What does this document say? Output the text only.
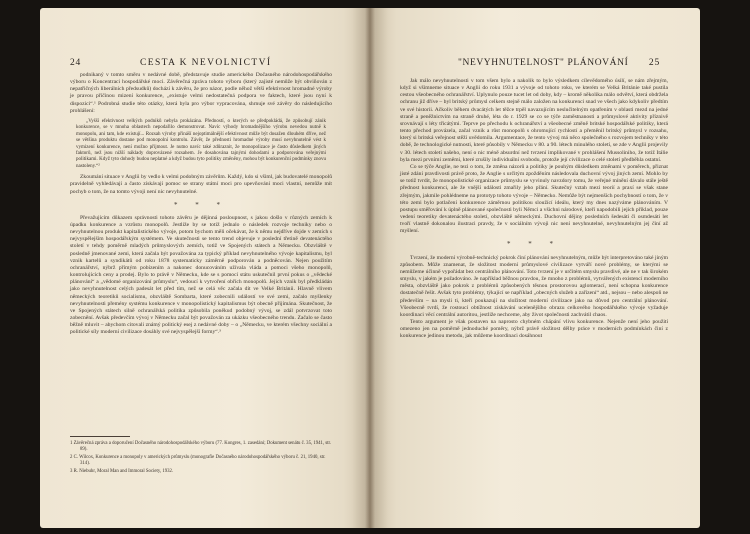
24	CESTA K NEVOLNICTVÍ

podnikaný v tomto směru v nedávné době, představuje studie amerického Dočasného národohospodářského výboru o Koncentraci hospodářské moci. Závěrečná zpráva tohoto výboru (který zajisté nemůže být obviňován z nepatřičných liberálních předsudků) dochází k závěru, že pro názor, podle něhož větší efektivnost hromadné výroby je pravou příčinou mizení konkurence, „existuje velmi nedostatečná podpora ve faktech, které jsou nyní k dispozici“.¹ Podrobná studie této otázky, která byla pro výbor vypracována, shrnuje své závěry do následujícího prohlášení:

„Vyšší efektivnost velkých podniků nebyla prokázána. Předností, o kterých se předpokládá, že způsobují zánik konkurence, se v mnoha oblastech nepodařilo demonstrovat. Navíc výhody hromadnějšího výrobu nevedou nutně k monopolu, ani tam, kde existují... Rozsah výroby přináší nejoptimálnější efektivnost může být dosažen dlouhém dříve, než se většina produktu dostane pod monopolní kontrolu. Závěr, že přednosti hromadné výroby musí nevyhnutelně vést k vymizení konkurence, není možno přijmout. Je nutno navíc také zdůraznit, že monopolizace je často důsledkem jiných faktorů, než jsou nižší náklady doprovázené rozsahem. Je dosahována tajnými dohodami a podporována veřejnými politikami. Když tyto dohody budou neplatné a když budou tyto politiky změněny, mohou být konkurenční podmínky znovu nastoleny.“²

Zkoumání situace v Anglii by vedlo k velmi podobným závěrům. Každý, kdo si všiml, jak budovatelé monopolů pravidelně vyhledávají a často získávají pomoc se strany státní moci pro upevňování moci vlastní, nemůže mít pochyb o tom, že na tomto vývoji není nic nevyhnutelné.

* * *

Převažujícím důkazem správnosti tohoto závěru je dějinná posloupnost, s jakou došlo v různých zemích k úpadku konkurence a vzrůstu monopolů. Jestliže by se totiž jednalo o následek rozvoje techniky nebo o nevyhnutelnou produkt kapitalistického vývoje, potom bychom měli očekávat, že k němu nejdříve dojde v zemích s nejvyspělejším hospodářským systémem. Ve skutečnosti se tento trend objevuje v poslední třetině devatenáctého století v tehdy poměrně mladých průmyslových zemích, totiž ve Spojených státech a Německu. Obzvláště v posledně jmenované zemi, která začala být považována za typický příklad nevyhnutelného vývoje kapitalismu, byl vznik kartelů a syndikátů od roku 1878 systematicky záměrně podporován a podněcován. Nejen použitím ochranářství, nýbrž přímým pobízením a nakonec donucováním užívala vláda a pomoci všeho monopolů, kontrolujících ceny a prodej. Bylo to právě v Německu, kde se s pomocí státu uskutečnil první pokus o „vědecké plánování“ a „vědomé organizování průmyslu“, vedoucí k vytvoření obřích monopolů. Jejich vznik byl předkládán jako nevyhnutelnost celých padesát let před tím, než se celá věc začala dít ve Velké Británii. Hlavně vlivem německých teoretiků socialismu, obzvláště Sombarta, které zobecnili událostí ve své zemi, začalo myšlenky nevyhnutelnosti přemény systému konkurence v monopolistický kapitalismus být obecně přijímána. Skutečnost, že ve Spojených státech silně ochranářská politika způsobila poněkud podobný vývoj, se zdál potvrzovat toto zobecnění. Avšak předevčím vývoj v Německu začal být považován za ukázku všeobecného trendu. Začalo se často běžně mluvit – abychom citovali známý politický esej z nedávné doby – o „Německu, ve kterém všechny sociální a politické síly moderní civilizace dosáhly své nejvyspělejší formy“.³

1 Závěrečná zpráva a doporučení Dočasného národohospodářského výboru (77. Kongres, 1. zasedání; Dokument senátu č. 35, 1941, str. 89).
2 C. Wilcox, Konkurence a monopoly v amerických průmyslu (monografie Dočasného národohospodářského výboru č. 21, 1940, str. 314).
3 R. Niebuhr, Moral Man and Immoral Society, 1932.
"NEVYHNUTELNOST" PLÁNOVÁNÍ 25

Jak málo nevyhnutelnosti v tom všem bylo a nakolik to bylo výsledkem cílevědomého úsilí, se nám zřejmým, když si všimneme situace v Anglii do roku 1931 a vývoje od tohoto roku, ve kterém se Velká Británie také pustila cestou všeobecného ochranářství. Uplynulo pouze tucet let od doby, kdy – kromě několika málo odvětví, která obdržela ochranu již dříve – byl britský průmysl celkem stejně málo založen na konkurenci snad ve všech jako kdykoliv předtím ve své historii. Ačkoliv během dvacátých let těžce trpěl navazujícím neslučitelným opatřením v oblasti mezd na jedné straně a peněžnictvím na straně druhé, léta do r. 1929 se co se týče zaměstnanosti a průmyslové aktivity příznivě srovnávají s léty třicátými. Teprve po přechodu k ochranářství a všeobecné změně britské hospodářské politiky, která tento přechod provázela, začal vznik a růst monopolů s ohromující rychlostí a přeměnil britský průmysl v rozsahu, který si britská veřejnost stěží uvědomila. Argumentace, že tento vývoj má něco společného s rozvojem techniky v této době, že technologické nutnosti, které působily v Německu v 80. a 90. létech minulého století, se zde v Anglii projevily v 30. létech století našeho, není o nic méně absurdní než tvrzení implikované v prohlášení Mussoliniho, že totiž Itálie byla mezi prvními zeměmi, které zrušily individuální svobodu, protože její civilizace o celé století předběhla ostatní.

Co se týče Anglie, ne tezi o tom, že změna názorů a politiky je pouhým důsledkem změnami v poměrech, přiznat jisté zdání pravdivosti právě proto, že Anglie s určitým zpožděním následovala duchovní vývoj jiných zemí. Mohlo by se totiž tvrdit, že monopolistické organizace průmyslu se vyvinuly navzdory tomu, že veřejné mínění dávalo stále ještě přednost konkurenci, ale že vnější události zmařily jeho přání. Skutečný vztah mezi teorií a praxí se však stane zřejmým, jakmile pohlédneme na prototyp tohoto vývoje – Německo. Nemůže být nejmenších pochybností o tom, že v této zemi bylo potlačení konkurence záměrnou politikou sloužící ideálu, který my dnes nazýváme plánováním. V postupu směřování k úplně plánované společnosti byli Němci a všichni národové, kteří napodobili jejich příklad, pouze vedení teoretiky devatenáctého století, obzvláště německými. Duchovní dějiny posledních šedesáti či osmdesáti let tvoří vlastně dokonalou ilustraci pravdy, že v sociálním vývoji nic není nevyhnutelné, nevyhnutelným jej činí až myšlení.

* * *

Tvrzení, že moderní výrobně-technický pokrok činí plánování nevyhnutelným, může být interpretováno také jiným způsobem. Může znamenat, že složitost moderní průmyslové civilizace vytváří nové problémy, se kterými se nemůžeme účinně vypořádat bez centrálního plánování. Toto tvrzení je v určitém smyslu pravdivé, ale ne v tak širokém smyslu, v jakém je požadováno. Je například běžnou pravdou, že mnoho z problémů, vytvářených existencí moderního města, obzvláště jako pokrok z problémů způsobených těsnou prostorovou aglomerací, není schopna konkurence dostatečně řešit. Avšak tyto problémy, týkající se například „obecných služeb a zařízení“ atd., nejsou – nebo alespoň ne především – na mysli ti, kteří poukazují na složitost moderní civilizace jako na důvod pro centrální plánování. Všeobecně tvrdí, že rostoucí obtížnost získávání ucelenějšího obrazu celkového hospodářského vývoje vyžaduje koordinaci věcí centrální autoritou, jestliže nechceme, aby život společnosti zachvátil chaos.

Tento argument je však postaven na naprosto chybném chápání vlivu konkurence. Nejenže není jeho použití omezeno jen na poměrně jednoduché poměry, nýbrž právě složitost dělby práce v moderních podmínkách činí z konkurence jedinou metodu, jak můžeme koordinaci dosáhnout
